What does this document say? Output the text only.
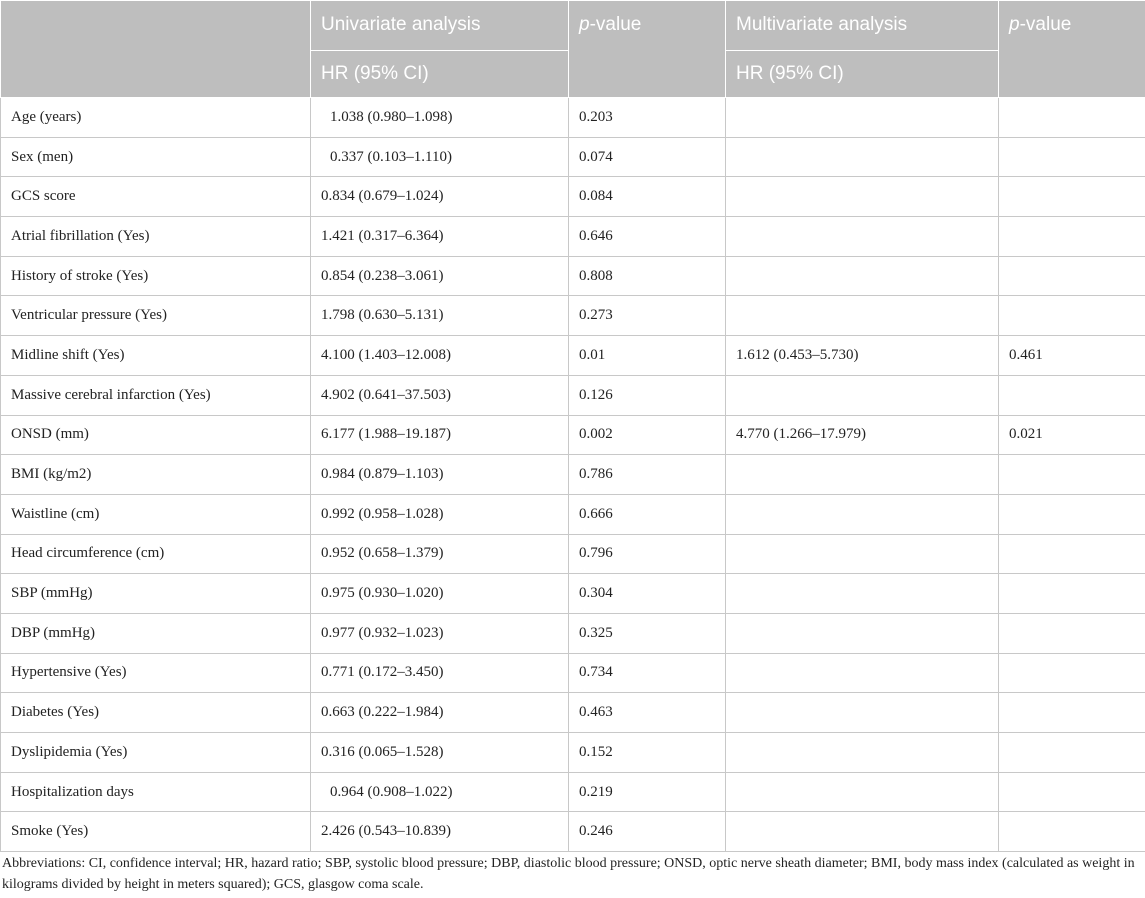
	Univariate analysis	p-value	Multivariate analysis	p-value
	HR (95% CI)		HR (95% CI)	
Age (years)	1.038 (0.980–1.098)	0.203		
Sex (men)	0.337 (0.103–1.110)	0.074		
GCS score	0.834 (0.679–1.024)	0.084		
Atrial fibrillation (Yes)	1.421 (0.317–6.364)	0.646		
History of stroke (Yes)	0.854 (0.238–3.061)	0.808		
Ventricular pressure (Yes)	1.798 (0.630–5.131)	0.273		
Midline shift (Yes)	4.100 (1.403–12.008)	0.01	1.612 (0.453–5.730)	0.461
Massive cerebral infarction (Yes)	4.902 (0.641–37.503)	0.126		
ONSD (mm)	6.177 (1.988–19.187)	0.002	4.770 (1.266–17.979)	0.021
BMI (kg/m2)	0.984 (0.879–1.103)	0.786		
Waistline (cm)	0.992 (0.958–1.028)	0.666		
Head circumference (cm)	0.952 (0.658–1.379)	0.796		
SBP (mmHg)	0.975 (0.930–1.020)	0.304		
DBP (mmHg)	0.977 (0.932–1.023)	0.325		
Hypertensive (Yes)	0.771 (0.172–3.450)	0.734		
Diabetes (Yes)	0.663 (0.222–1.984)	0.463		
Dyslipidemia (Yes)	0.316 (0.065–1.528)	0.152		
Hospitalization days	0.964 (0.908–1.022)	0.219		
Smoke (Yes)	2.426 (0.543–10.839)	0.246		

Abbreviations: CI, confidence interval; HR, hazard ratio; SBP, systolic blood pressure; DBP, diastolic blood pressure; ONSD, optic nerve sheath diameter; BMI, body mass index (calculated as weight in kilograms divided by height in meters squared); GCS, glasgow coma scale.
